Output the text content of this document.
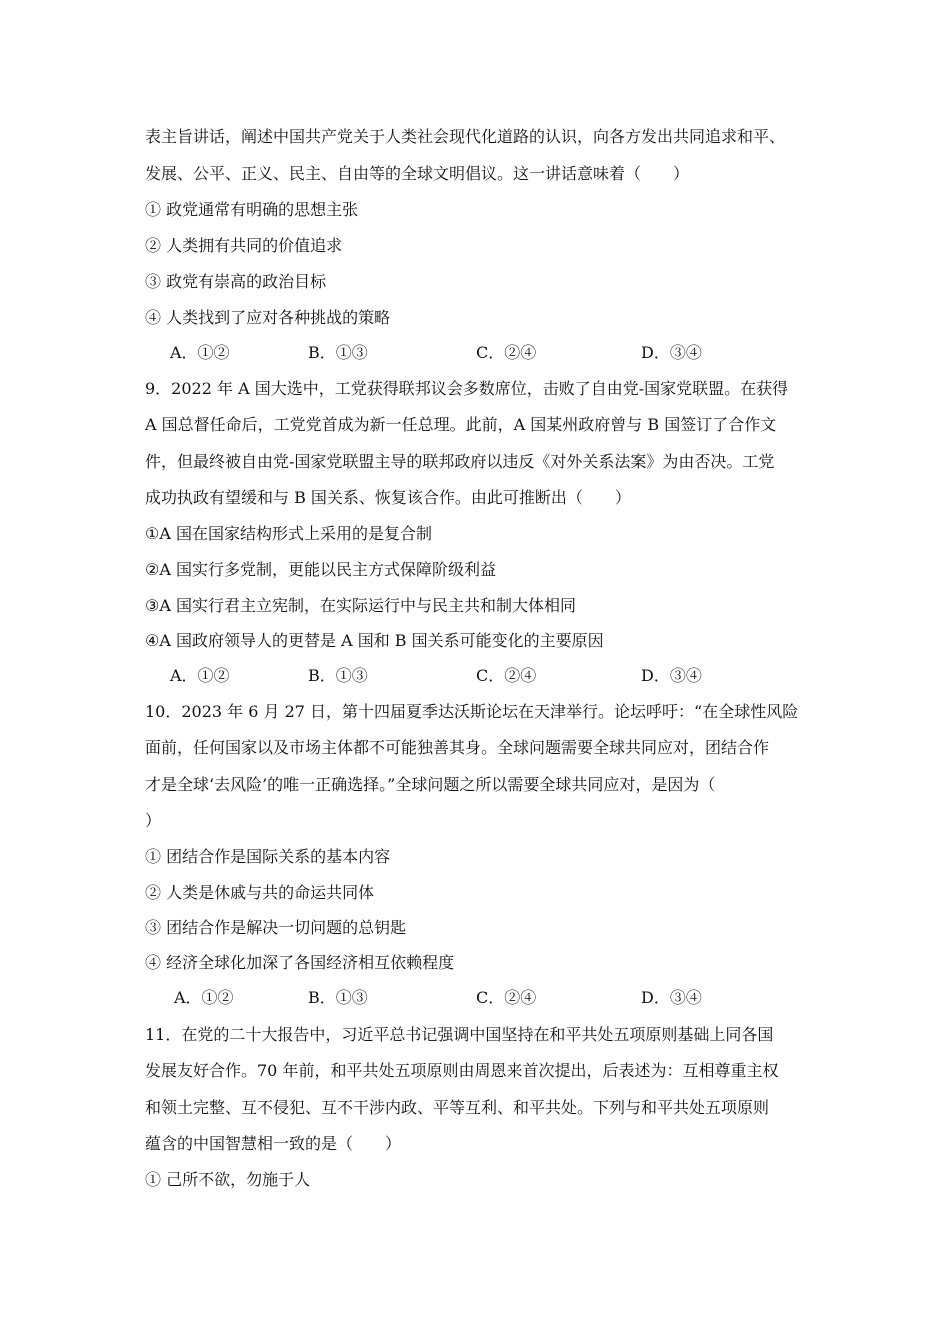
表主旨讲话，阐述中国共产党关于人类社会现代化道路的认识，向各方发出共同追求和平、
发展、公平、正义、民主、自由等的全球文明倡议。这一讲话意味着（　　）
① 政党通常有明确的思想主张
② 人类拥有共同的价值追求
③ 政党有崇高的政治目标
④ 人类找到了应对各种挑战的策略
A．①②	B．①③	C．②④	D．③④
9．2022 年 A 国大选中，工党获得联邦议会多数席位，击败了自由党-国家党联盟。在获得
A 国总督任命后，工党党首成为新一任总理。此前，A 国某州政府曾与 B 国签订了合作文
件，但最终被自由党-国家党联盟主导的联邦政府以违反《对外关系法案》为由否决。工党
成功执政有望缓和与 B 国关系、恢复该合作。由此可推断出（　　）
①A 国在国家结构形式上采用的是复合制
②A 国实行多党制，更能以民主方式保障阶级利益
③A 国实行君主立宪制，在实际运行中与民主共和制大体相同
④A 国政府领导人的更替是 A 国和 B 国关系可能变化的主要原因
A．①②	B．①③	C．②④	D．③④
10．2023 年 6 月 27 日，第十四届夏季达沃斯论坛在天津举行。论坛呼吁：“在全球性风险
面前，任何国家以及市场主体都不可能独善其身。全球问题需要全球共同应对，团结合作
才是全球‘去风险’的唯一正确选择。”全球问题之所以需要全球共同应对，是因为（
）
① 团结合作是国际关系的基本内容
② 人类是休戚与共的命运共同体
③ 团结合作是解决一切问题的总钥匙
④ 经济全球化加深了各国经济相互依赖程度
A．①②	B．①③	C．②④	D．③④
11．在党的二十大报告中，习近平总书记强调中国坚持在和平共处五项原则基础上同各国
发展友好合作。70 年前，和平共处五项原则由周恩来首次提出，后表述为：互相尊重主权
和领土完整、互不侵犯、互不干涉内政、平等互利、和平共处。下列与和平共处五项原则
蕴含的中国智慧相一致的是（　　）
① 己所不欲，勿施于人
